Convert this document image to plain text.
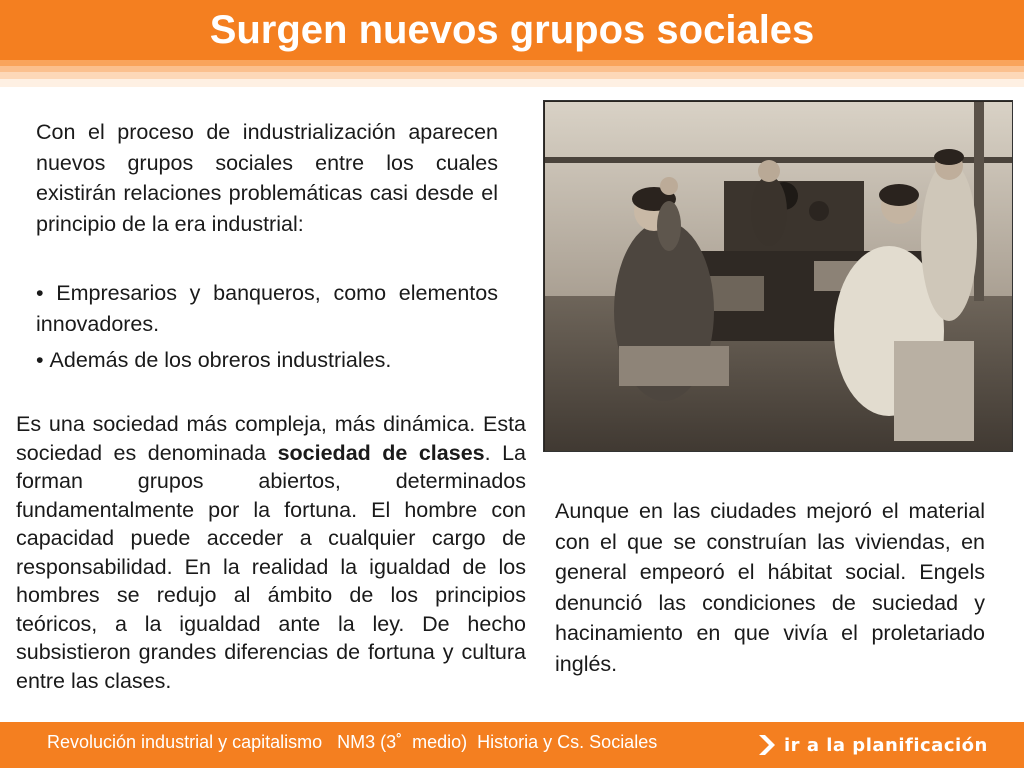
Surgen nuevos grupos sociales
Con el proceso de industrialización aparecen nuevos grupos sociales entre los cuales existirán relaciones problemáticas casi desde el principio de la era industrial:
• Empresarios y banqueros, como elementos innovadores.
• Además de los obreros industriales.
Es una sociedad más compleja, más dinámica. Esta sociedad es denominada sociedad de clases. La forman grupos abiertos, determinados fundamentalmente por la fortuna. El hombre con capacidad puede acceder a cualquier cargo de responsabilidad. En la realidad la igualdad de los hombres se redujo al ámbito de los principios teóricos, a la igualdad ante la ley. De hecho subsistieron grandes diferencias de fortuna y cultura entre las clases.
Aunque en las ciudades mejoró el material con el que se construían las viviendas, en general empeoró el hábitat social. Engels denunció las condiciones de suciedad y hacinamiento en que vivía el proletariado inglés.
Revolución industrial y capitalismo   NM3 (3˚  medio)  Historia y Cs. Sociales	ir a la planificación
